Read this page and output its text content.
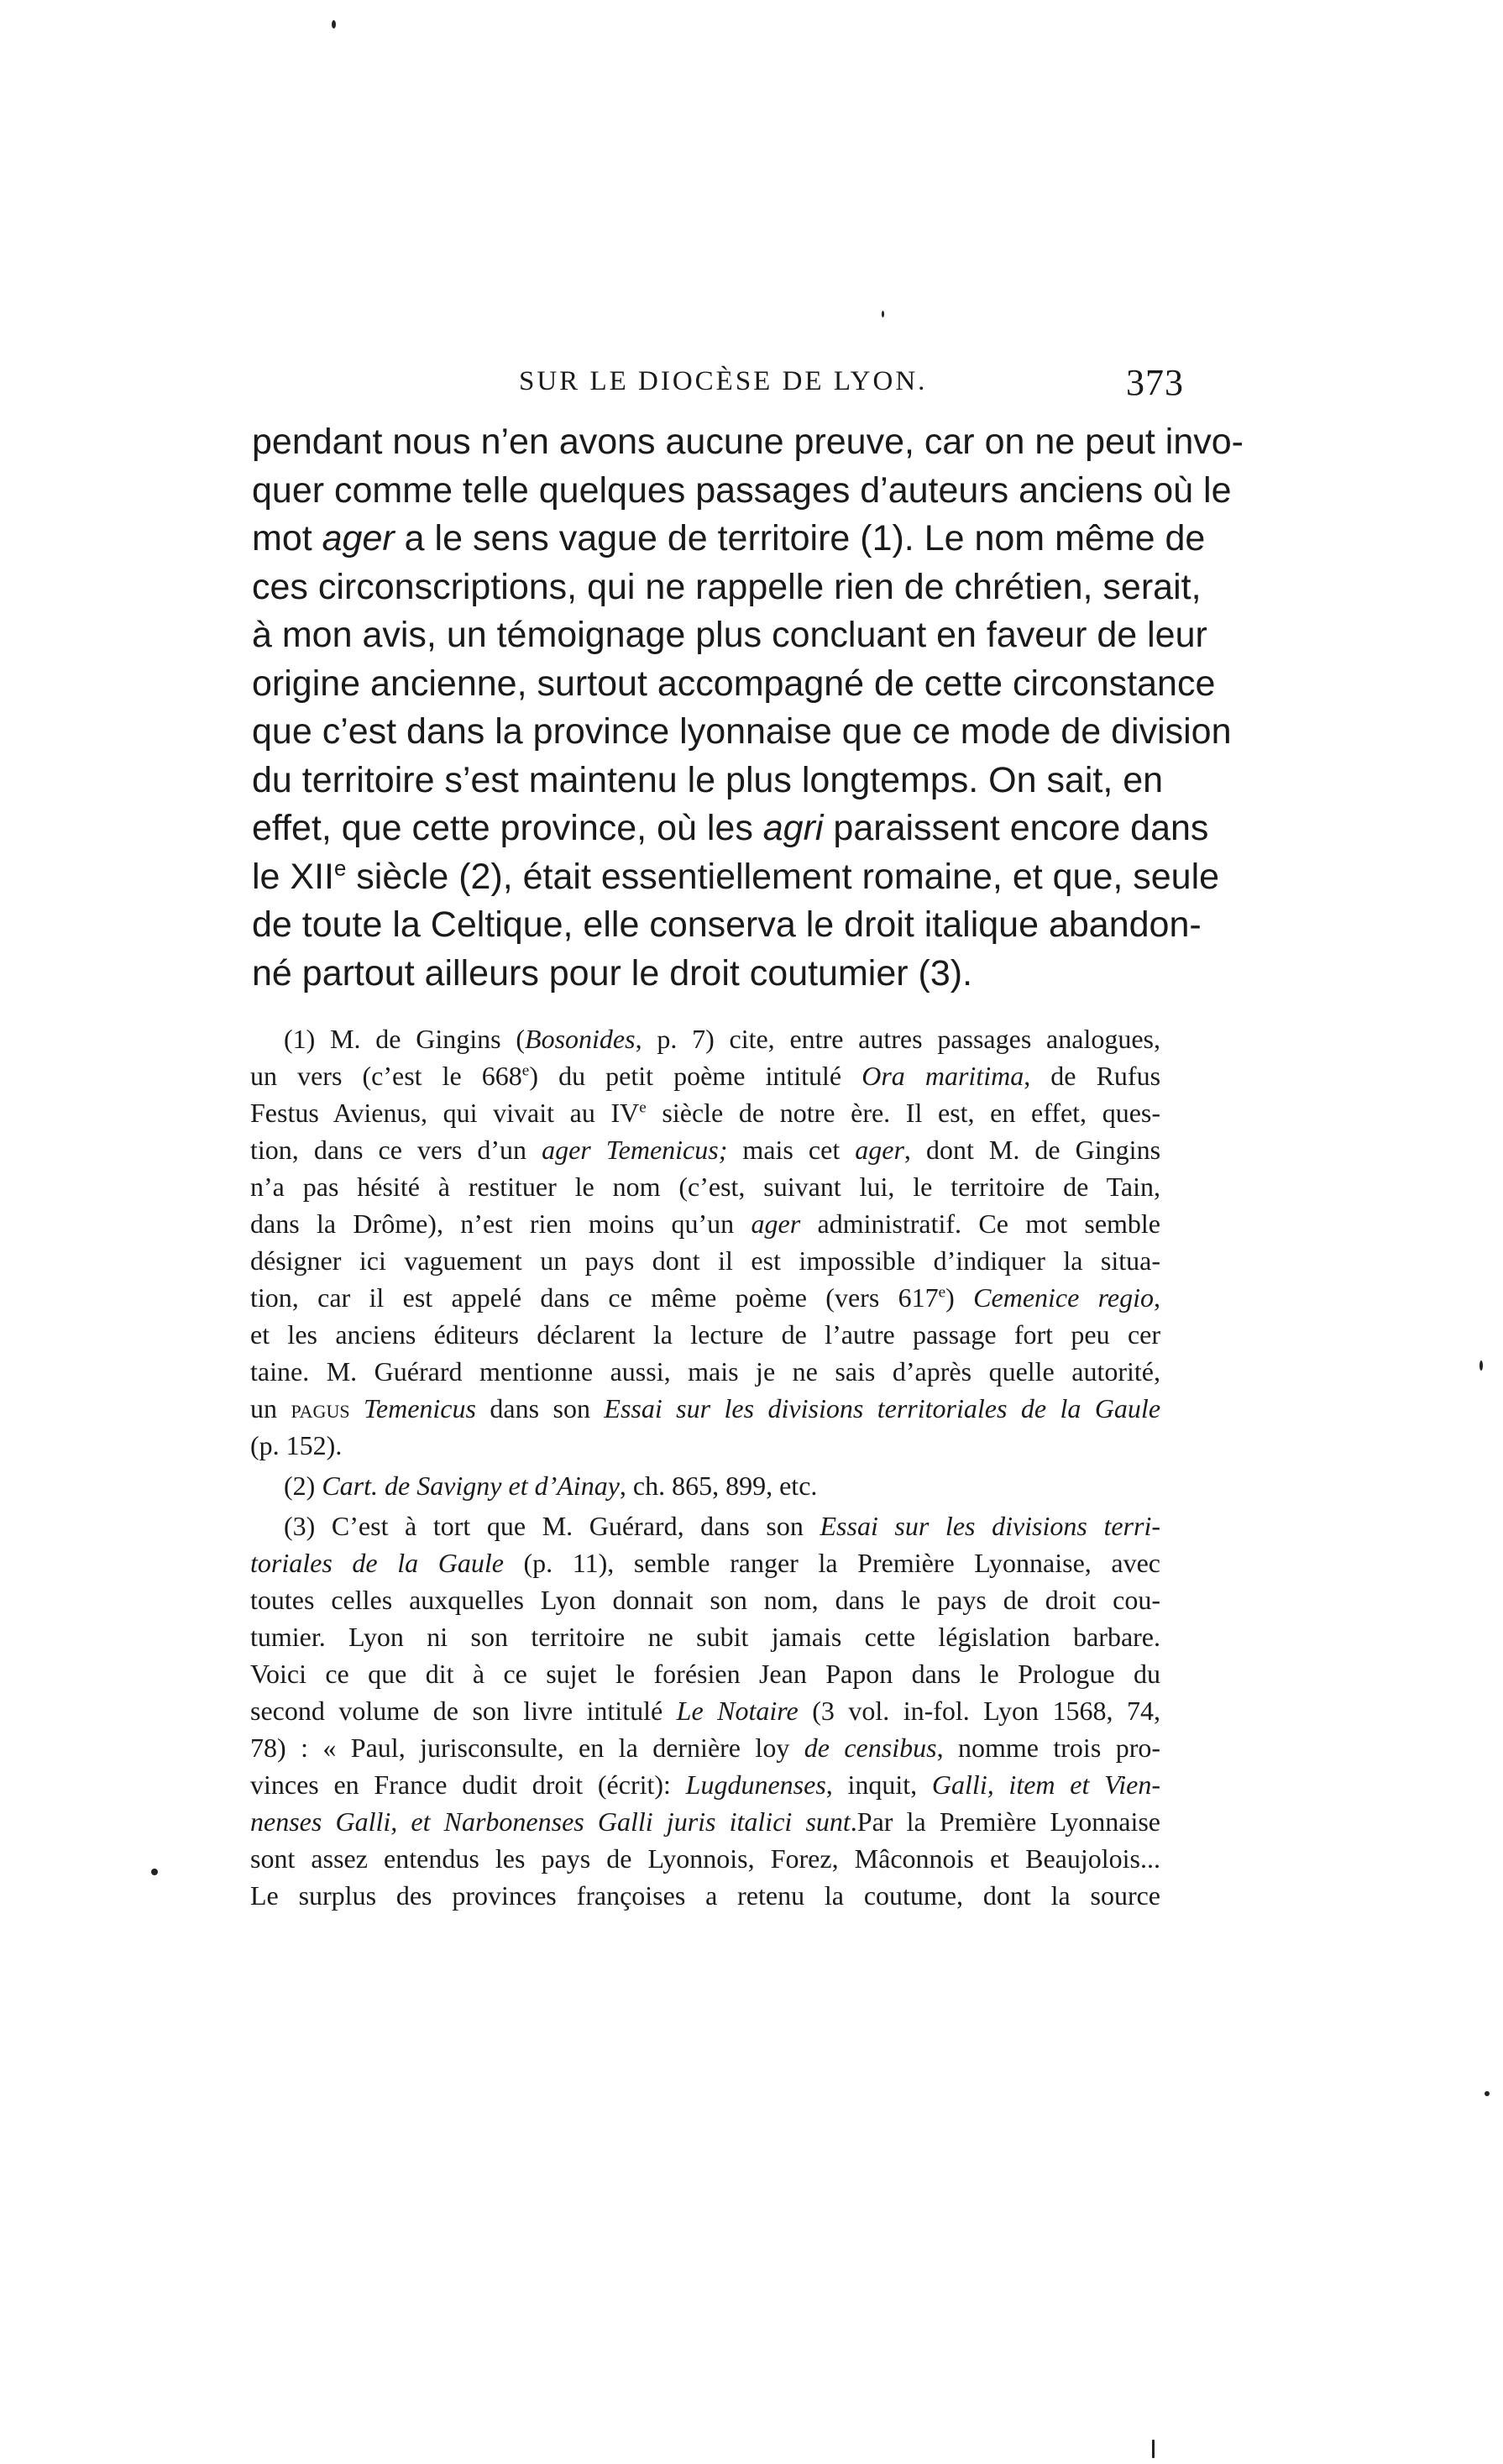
SUR LE DIOCÈSE DE LYON.	373
pendant nous n’en avons aucune preuve, car on ne peut invo-
quer comme telle quelques passages d’auteurs anciens où le
mot ager a le sens vague de territoire (1). Le nom même de
ces circonscriptions, qui ne rappelle rien de chrétien, serait,
à mon avis, un témoignage plus concluant en faveur de leur
origine ancienne, surtout accompagné de cette circonstance
que c’est dans la province lyonnaise que ce mode de division
du territoire s’est maintenu le plus longtemps. On sait, en
effet, que cette province, où les agri paraissent encore dans
le XIIe siècle (2), était essentiellement romaine, et que, seule
de toute la Celtique, elle conserva le droit italique abandon-
né partout ailleurs pour le droit coutumier (3).
(1) M. de Gingins (Bosonides, p. 7) cite, entre autres passages analogues,
un vers (c’est le 668e) du petit poème intitulé Ora maritima, de Rufus
Festus Avienus, qui vivait au IVe siècle de notre ère. Il est, en effet, ques-
tion, dans ce vers d’un ager Temenicus; mais cet ager, dont M. de Gingins
n’a pas hésité à restituer le nom (c’est, suivant lui, le territoire de Tain,
dans la Drôme), n’est rien moins qu’un ager administratif. Ce mot semble
désigner ici vaguement un pays dont il est impossible d’indiquer la situa-
tion, car il est appelé dans ce même poème (vers 617e) Cemenice regio,
et les anciens éditeurs déclarent la lecture de l’autre passage fort peu cer
taine. M. Guérard mentionne aussi, mais je ne sais d’après quelle autorité,
un pagus Temenicus dans son Essai sur les divisions territoriales de la Gaule
(p. 152).
(2) Cart. de Savigny et d’Ainay, ch. 865, 899, etc.
(3) C’est à tort que M. Guérard, dans son Essai sur les divisions terri-
toriales de la Gaule (p. 11), semble ranger la Première Lyonnaise, avec
toutes celles auxquelles Lyon donnait son nom, dans le pays de droit cou-
tumier. Lyon ni son territoire ne subit jamais cette législation barbare.
Voici ce que dit à ce sujet le forésien Jean Papon dans le Prologue du
second volume de son livre intitulé Le Notaire (3 vol. in-fol. Lyon 1568, 74,
78) : « Paul, jurisconsulte, en la dernière loy de censibus, nomme trois pro-
vinces en France dudit droit (écrit): Lugdunenses, inquit, Galli, item et Vien-
nenses Galli, et Narbonenses Galli juris italici sunt.Par la Première Lyonnaise
sont assez entendus les pays de Lyonnois, Forez, Mâconnois et Beaujolois...
Le surplus des provinces françoises a retenu la coutume, dont la source
